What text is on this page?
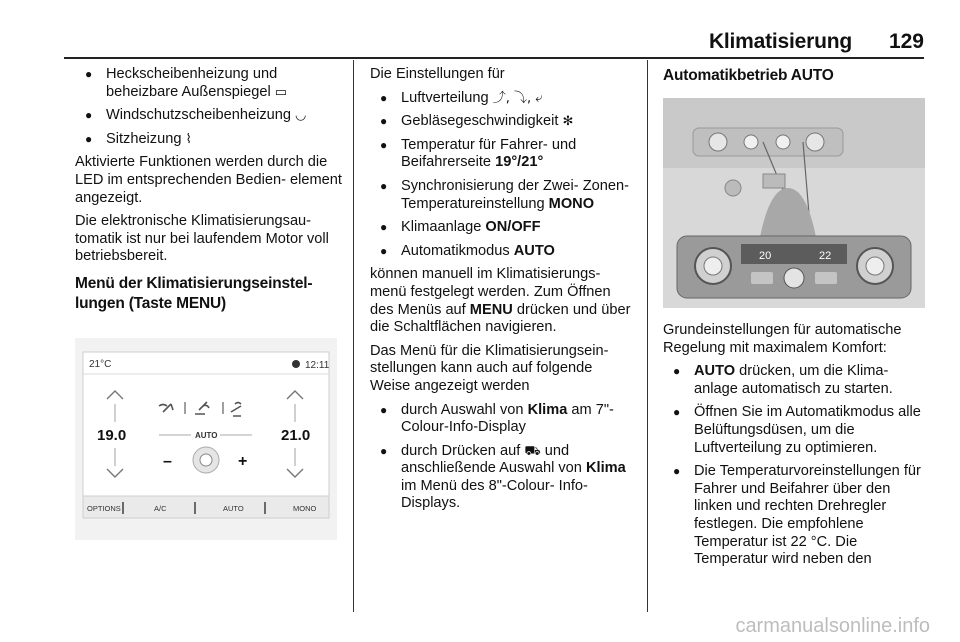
Klimatisierung 129
● Heckscheibenheizung und beheizbare Außenspiegel ▭
● Windschutzscheibenheizung ◡
● Sitzheizung ⌇

Aktivierte Funktionen werden durch die LED im entsprechenden Bedien- element angezeigt.

Die elektronische Klimatisierungsau- tomatik ist nur bei laufendem Motor voll betriebsbereit.

Menü der Klimatisierungseinstel- lungen (Taste MENU)
21°C	12:11
19.0	21.0
AUTO
–	+
OPTIONS	A/C	AUTO	MONO

Die Einstellungen für

● Luftverteilung ⤴, ⤵, ⤶
● Gebläsegeschwindigkeit ✻
● Temperatur für Fahrer- und Beifahrerseite 19°/21°
● Synchronisierung der Zwei- Zonen-Temperatureinstellung MONO
● Klimaanlage ON/OFF
● Automatikmodus AUTO

können manuell im Klimatisierungs- menü festgelegt werden. Zum Öffnen des Menüs auf MENU drücken und über die Schaltflächen navigieren.

Das Menü für die Klimatisierungsein- stellungen kann auch auf folgende Weise angezeigt werden

● durch Auswahl von Klima am 7"- Colour-Info-Display
● durch Drücken auf ⛟ und anschließende Auswahl von Klima im Menü des 8"-Colour- Info-Displays.
Automatikbetrieb AUTO
20	22

Grundeinstellungen für automatische Regelung mit maximalem Komfort:

● AUTO drücken, um die Klima- anlage automatisch zu starten.
● Öffnen Sie im Automatikmodus alle Belüftungsdüsen, um die Luftverteilung zu optimieren.
● Die Temperaturvoreinstellungen für Fahrer und Beifahrer über den linken und rechten Drehregler festlegen. Die empfohlene Temperatur ist 22 °C. Die Temperatur wird neben den
carmanualsonline.info
